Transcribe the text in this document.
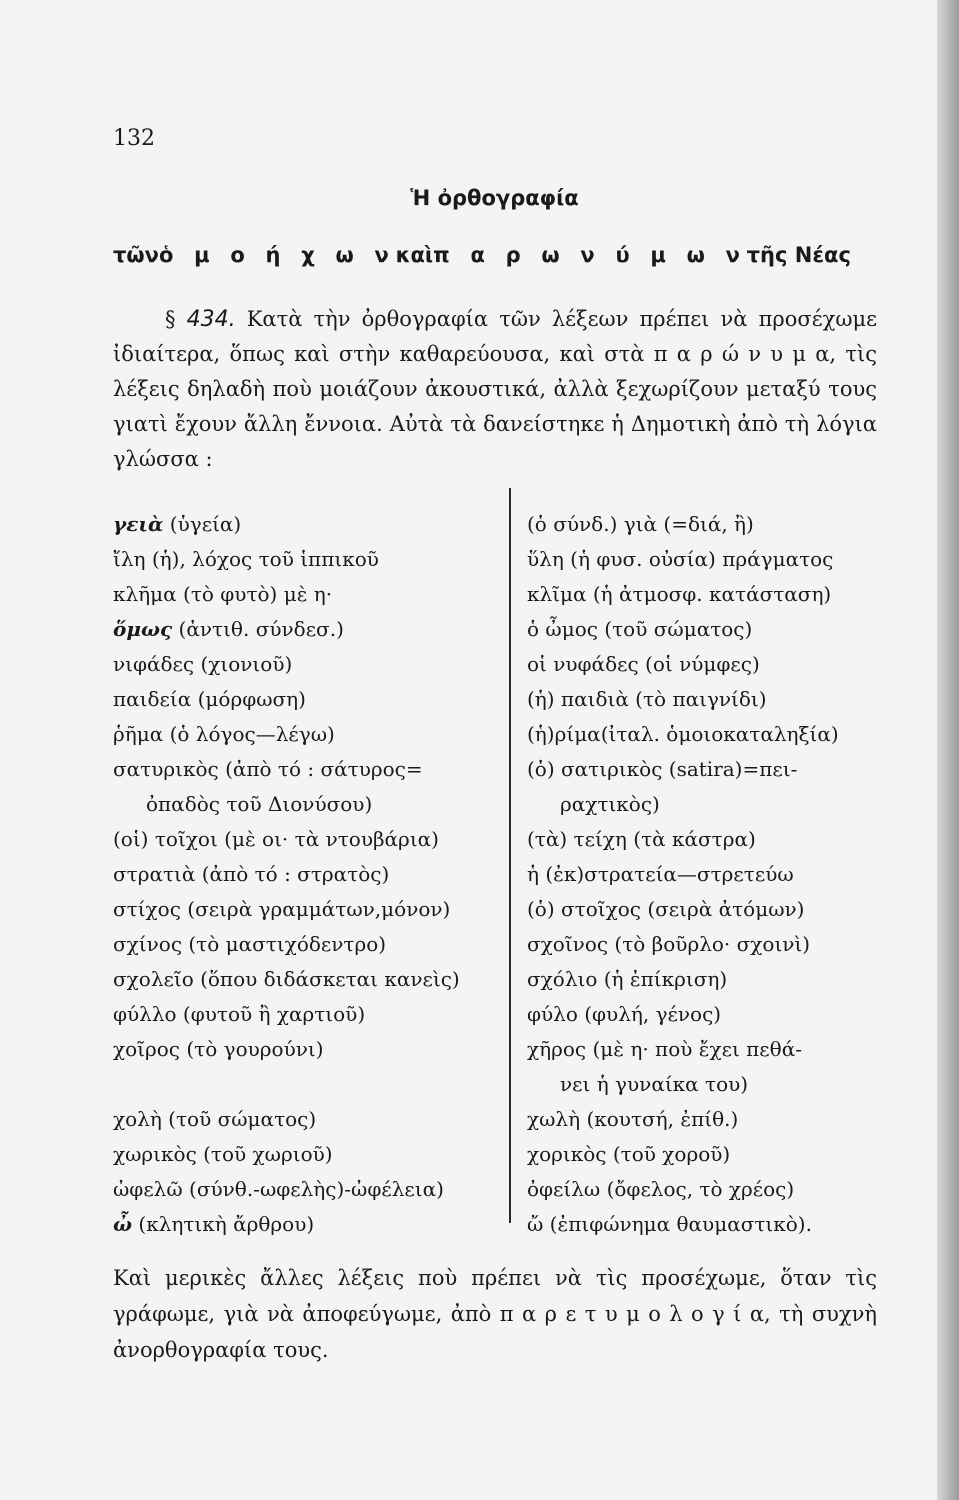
132
Ἡ ὀρθογραφία
τῶν ὁ μ ο ή χ ω ν καὶ π α ρ ω ν ύ μ ω ν τῆς Νέας

§ 434. Κατὰ τὴν ὀρθογραφία τῶν λέξεων πρέπει νὰ προσέχωμε ἰδιαίτερα, ὅπως καὶ στὴν καθαρεύουσα, καὶ στὰ π α ρ ώ ν υ μ α, τὶς λέξεις δηλαδὴ ποὺ μοιάζουν ἀκουστικά, ἀλλὰ ξεχωρίζουν μεταξύ τους γιατὶ ἔχουν ἄλλη ἔννοια. Αὐτὰ τὰ δανείστηκε ἡ Δημοτικὴ ἀπὸ τὴ λόγια γλώσσα :

γειὰ (ὑγεία)
ἴλη (ἡ), λόχος τοῦ ἱππικοῦ
κλῆμα (τὸ φυτὸ) μὲ η·
ὅμως (ἀντιθ. σύνδεσ.)
νιφάδες (χιονιοῦ)
παιδεία (μόρφωση)
ῥῆμα (ὁ λόγος—λέγω)
σατυρικὸς (ἀπὸ τό : σάτυρος=
ὀπαδὸς τοῦ Διονύσου)
(οἱ) τοῖχοι (μὲ οι· τὰ ντουβάρια)
στρατιὰ (ἀπὸ τό : στρατὸς)
στίχος (σειρὰ γραμμάτων,μόνον)
σχίνος (τὸ μαστιχόδεντρο)
σχολεῖο (ὅπου διδάσκεται κανεὶς)
φύλλο (φυτοῦ ἢ χαρτιοῦ)
χοῖρος (τὸ γουρούνι)
χολὴ (τοῦ σώματος)
χωρικὸς (τοῦ χωριοῦ)
ὠφελῶ (σύνθ.-ωφελὴς)-ὠφέλεια)
ὦ (κλητικὴ ἄρθρου)
(ὁ σύνδ.) γιὰ (=διά, ἢ)
ὕλη (ἡ φυσ. οὐσία) πράγματος
κλῖμα (ἡ ἀτμοσφ. κατάσταση)
ὁ ὦμος (τοῦ σώματος)
οἱ νυφάδες (οἱ νύμφες)
(ἡ) παιδιὰ (τὸ παιγνίδι)
(ἡ)ρίμα(ἰταλ. ὁμοιοκαταληξία)
(ὁ) σατιρικὸς (satira)=πει-
ραχτικὸς)
(τὰ) τείχη (τὰ κάστρα)
ἡ (ἐκ)στρατεία—στρετεύω
(ὁ) στοῖχος (σειρὰ ἀτόμων)
σχοῖνος (τὸ βοῦρλο· σχοινὶ)
σχόλιο (ἡ ἐπίκριση)
φύλο (φυλή, γένος)
χῆρος (μὲ η· ποὺ ἔχει πεθά-
νει ἡ γυναίκα του)
χωλὴ (κουτσή, ἐπίθ.)
χορικὸς (τοῦ χοροῦ)
ὀφείλω (ὄφελος, τὸ χρέος)
ὤ (ἐπιφώνημα θαυμαστικὸ).

Καὶ μερικὲς ἄλλες λέξεις ποὺ πρέπει νὰ τὶς προσέχωμε, ὅταν τὶς γράφωμε, γιὰ νὰ ἀποφεύγωμε, ἀπὸ π α ρ ε τ υ μ ο λ ο γ ί α, τὴ συχνὴ ἀνορθογραφία τους.
